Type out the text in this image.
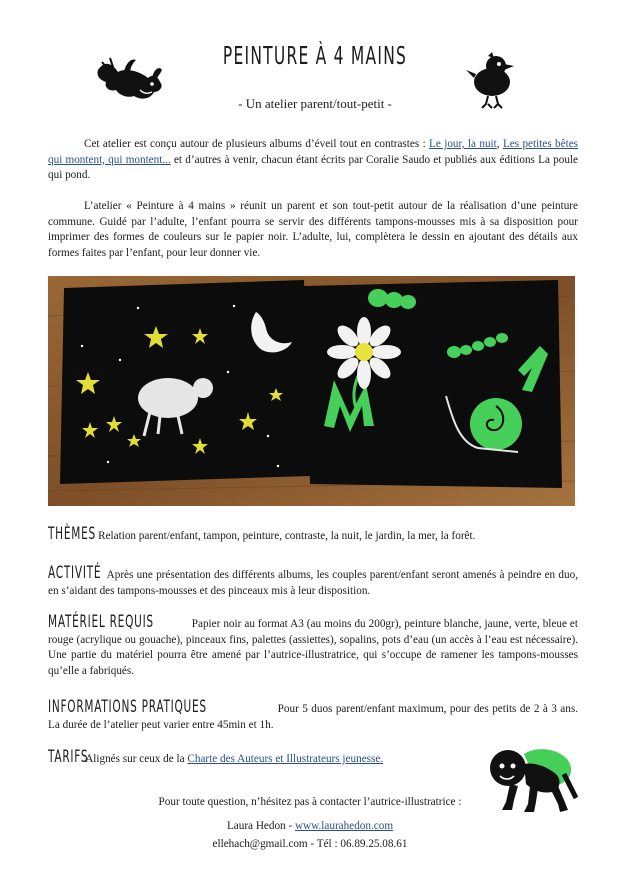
PEINTURE À 4 MAINS
- Un atelier parent/tout-petit -

Cet atelier est conçu autour de plusieurs albums d’éveil tout en contrastes : Le jour, la nuit, Les petites bêtes qui montent, qui montent... et d’autres à venir, chacun étant écrits par Coralie Saudo et publiés aux éditions La poule qui pond.

L’atelier « Peinture à 4 mains » réunit un parent et son tout-petit autour de la réalisation d’une peinture commune. Guidé par l’adulte, l’enfant pourra se servir des différents tampons-mousses mis à sa disposition pour imprimer des formes de couleurs sur le papier noir. L’adulte, lui, complètera le dessin en ajoutant des détails aux formes faites par l’enfant, pour leur donner vie.

THÈMES Relation parent/enfant, tampon, peinture, contraste, la nuit, le jardin, la mer, la forêt.
ACTIVITÉ Après une présentation des différents albums, les couples parent/enfant seront amenés à peindre en duo, en s’aidant des tampons-mousses et des pinceaux mis à leur disposition.
MATÉRIEL REQUIS	Papier noir au format A3 (au moins du 200gr), peinture blanche, jaune, verte, bleue et rouge (acrylique ou gouache), pinceaux fins, palettes (assiettes), sopalins, pots d’eau (un accès à l’eau est nécessaire). Une partie du matériel pourra être amené par l’autrice-illustratrice, qui s’occupe de ramener les tampons-mousses qu’elle a fabriqués.
INFORMATIONS PRATIQUES	Pour 5 duos parent/enfant maximum, pour des petits de 2 à 3 ans. La durée de l’atelier peut varier entre 45min et 1h.
TARIFS Alignés sur ceux de la Charte des Auteurs et Illustrateurs jeunesse.
Pour toute question, n’hésitez pas à contacter l’autrice-illustratrice :
Laura Hedon - www.laurahedon.com
ellehach@gmail.com - Tél : 06.89.25.08.61
